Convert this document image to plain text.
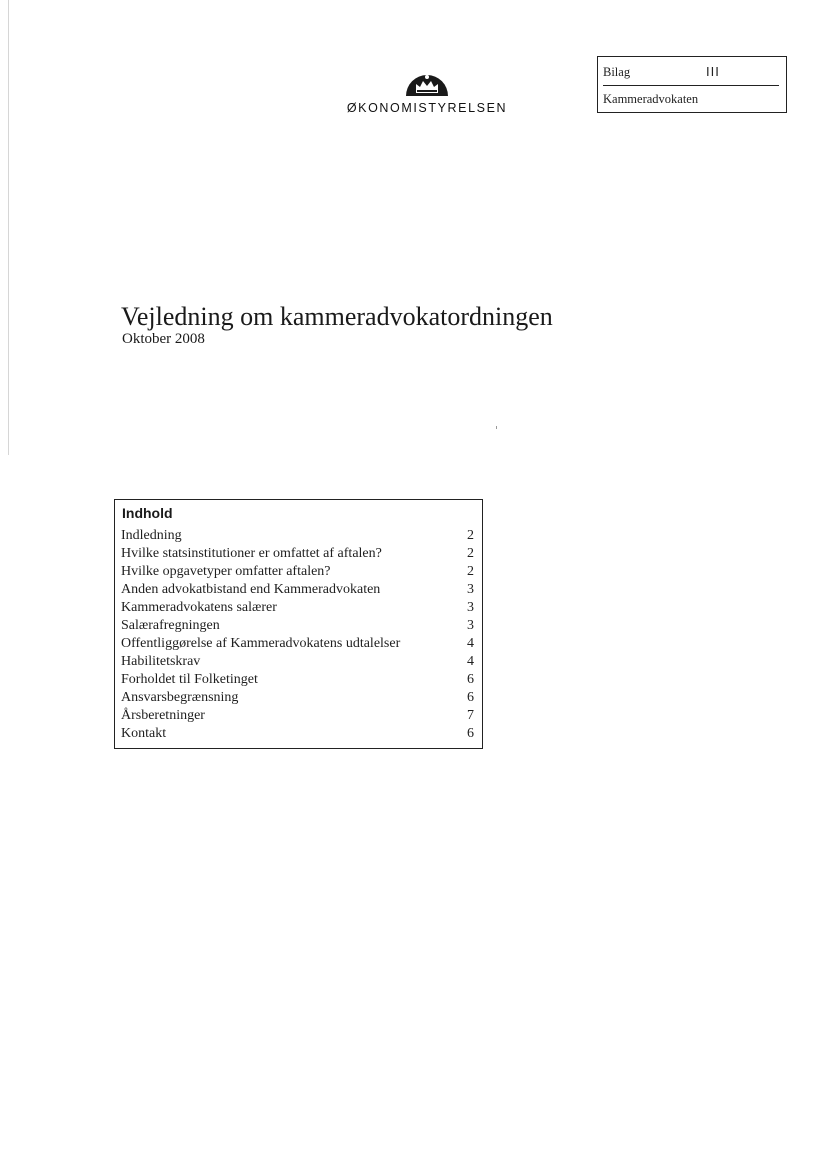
ØKONOMISTYRELSEN
Bilag	III
Kammeradvokaten
Vejledning om kammeradvokatordningen
Oktober 2008
Indhold
Indledning	2
Hvilke statsinstitutioner er omfattet af aftalen?	2
Hvilke opgavetyper omfatter aftalen?	2
Anden advokatbistand end Kammeradvokaten	3
Kammeradvokatens salærer	3
Salærafregningen	3
Offentliggørelse af Kammeradvokatens udtalelser	4
Habilitetskrav	4
Forholdet til Folketinget	6
Ansvarsbegrænsning	6
Årsberetninger	7
Kontakt	6
